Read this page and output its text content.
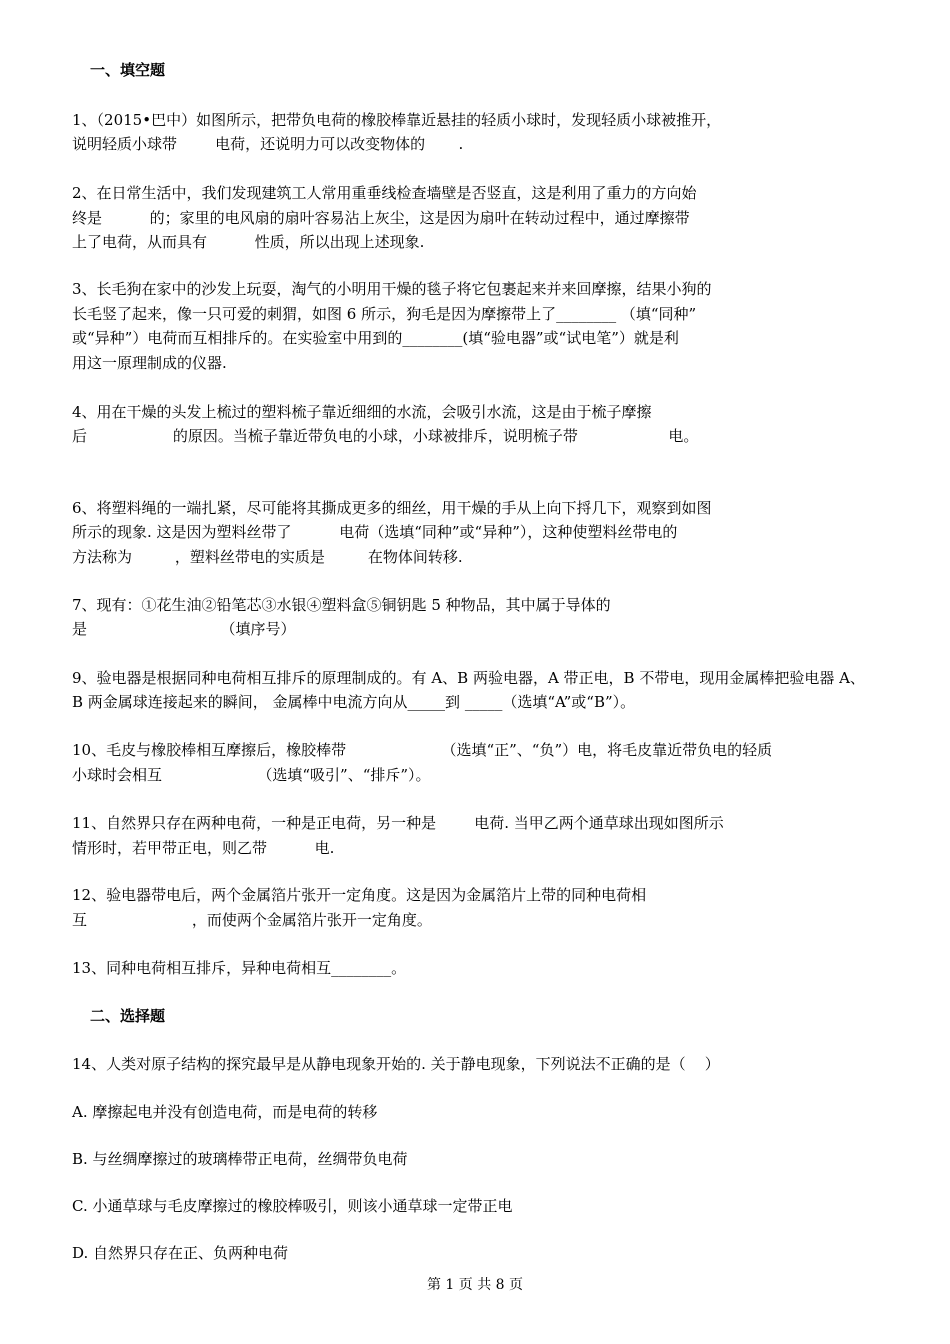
一、填空题
1、（2015•巴中）如图所示，把带负电荷的橡胶棒靠近悬挂的轻质小球时，发现轻质小球被推开，
说明轻质小球带        电荷，还说明力可以改变物体的       .
2、在日常生活中，我们发现建筑工人常用重垂线检查墙壁是否竖直，这是利用了重力的方向始
终是          的；家里的电风扇的扇叶容易沾上灰尘，这是因为扇叶在转动过程中，通过摩擦带
上了电荷，从而具有          性质，所以出现上述现象.
3、长毛狗在家中的沙发上玩耍，淘气的小明用干燥的毯子将它包裹起来并来回摩擦，结果小狗的
长毛竖了起来，像一只可爱的刺猬，如图 6 所示，狗毛是因为摩擦带上了________ （填“同种”
或“异种”）电荷而互相排斥的。在实验室中用到的________(填“验电器”或“试电笔”）就是利
用这一原理制成的仪器.
4、用在干燥的头发上梳过的塑料梳子靠近细细的水流，会吸引水流，这是由于梳子摩擦
后                  的原因。当梳子靠近带负电的小球，小球被排斥，说明梳子带                   电。
6、将塑料绳的一端扎紧，尽可能将其撕成更多的细丝，用干燥的手从上向下捋几下，观察到如图
所示的现象. 这是因为塑料丝带了          电荷（选填“同种”或“异种”），这种使塑料丝带电的
方法称为         ，塑料丝带电的实质是         在物体间转移.
7、现有：①花生油②铅笔芯③水银④塑料盒⑤铜钥匙 5 种物品，其中属于导体的
是                            （填序号）
9、验电器是根据同种电荷相互排斥的原理制成的。有 A、B 两验电器，A 带正电，B 不带电，现用金属棒把验电器 A、
B 两金属球连接起来的瞬间， 金属棒中电流方向从_____到 _____（选填“A”或“B”）。
10、毛皮与橡胶棒相互摩擦后，橡胶棒带                    （选填“正”、“负”）电，将毛皮靠近带负电的轻质
小球时会相互                    （选填“吸引”、“排斥”）。
11、自然界只存在两种电荷，一种是正电荷，另一种是        电荷. 当甲乙两个通草球出现如图所示
情形时，若甲带正电，则乙带          电.
12、验电器带电后，两个金属箔片张开一定角度。这是因为金属箔片上带的同种电荷相
互                      ，而使两个金属箔片张开一定角度。
13、同种电荷相互排斥，异种电荷相互________。
二、选择题
14、人类对原子结构的探究最早是从静电现象开始的. 关于静电现象，下列说法不正确的是（    ）
A. 摩擦起电并没有创造电荷，而是电荷的转移
B. 与丝绸摩擦过的玻璃棒带正电荷，丝绸带负电荷
C. 小通草球与毛皮摩擦过的橡胶棒吸引，则该小通草球一定带正电
D. 自然界只存在正、负两种电荷
第 1 页 共 8 页
